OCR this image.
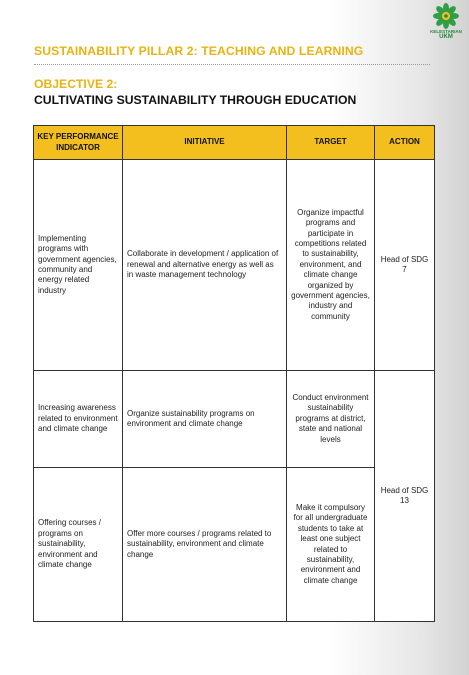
KELESTARIAN
UKM
SUSTAINABILITY PILLAR 2: TEACHING AND LEARNING
OBJECTIVE 2:
CULTIVATING SUSTAINABILITY THROUGH EDUCATION
KEY PERFORMANCE INDICATOR	INITIATIVE	TARGET	ACTION
Implementing programs with government agencies, community and energy related industry	Collaborate in development / application of renewal and alternative energy as well as in waste management technology	Organize impactful programs and participate in competitions related to sustainability, environment, and climate change organized by government agencies, industry and community	Head of SDG 7
Increasing awareness related to environment and climate change	Organize sustainability programs on environment and climate change	Conduct environment sustainability programs at district, state and national levels	Head of SDG 13
Offering courses / programs on sustainability, environment and climate change	Offer more courses / programs related to sustainability, environment and climate change	Make it compulsory for all undergraduate students to take at least one subject related to sustainability, environment and climate change	
